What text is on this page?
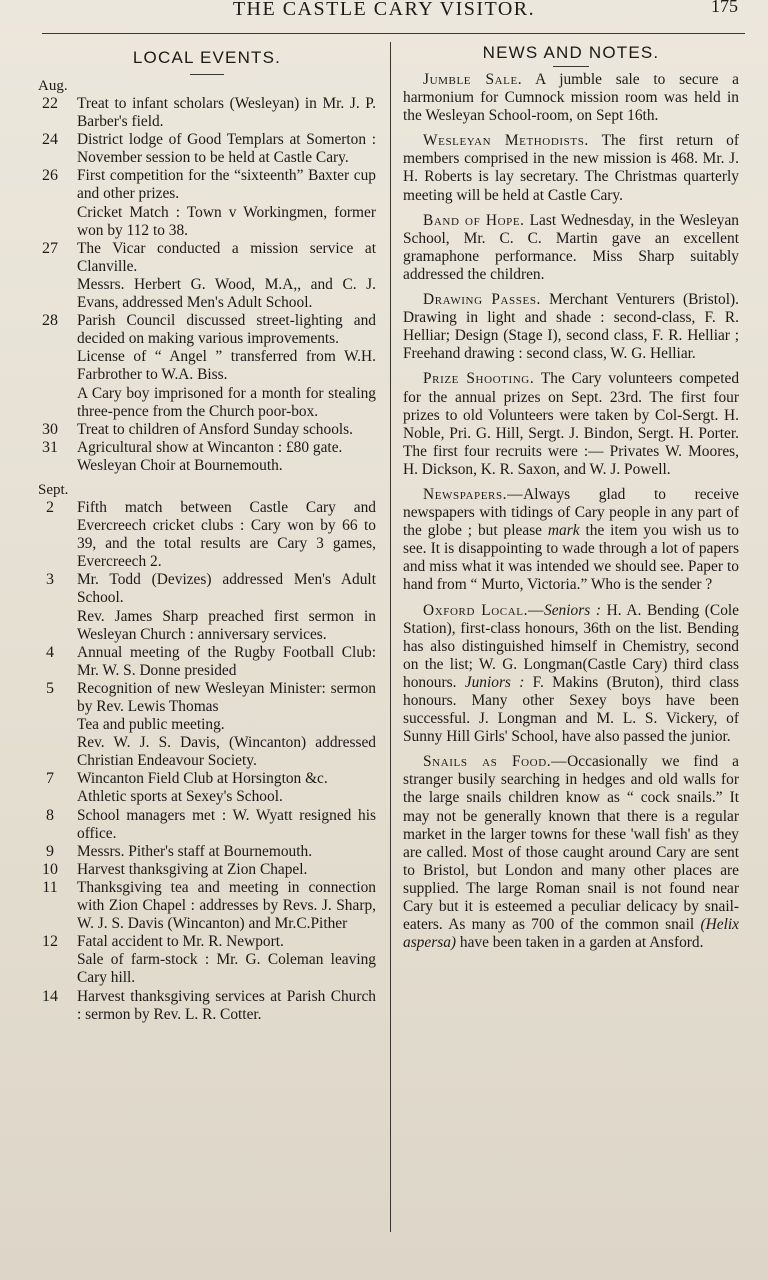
THE CASTLE CARY VISITOR.	175
LOCAL EVENTS.
Aug.
22 Treat to infant scholars (Wesleyan) in Mr. J. P. Barber's field.
24 District lodge of Good Templars at Somerton : November session to be held at Castle Cary.
26 First competition for the “sixteenth” Baxter cup and other prizes.
Cricket Match : Town v Workingmen, former won by 112 to 38.
27 The Vicar conducted a mission service at Clanville.
Messrs. Herbert G. Wood, M.A,, and C. J. Evans, addressed Men's Adult School.
28 Parish Council discussed street-lighting and decided on making various improvements.
License of “ Angel ” transferred from W.H. Farbrother to W.A. Biss.
A Cary boy imprisoned for a month for stealing three-pence from the Church poor-box.
30 Treat to children of Ansford Sunday schools.
31 Agricultural show at Wincanton : £80 gate.
Wesleyan Choir at Bournemouth.
Sept.
2	Fifth match between Castle Cary and Evercreech cricket clubs : Cary won by 66 to 39, and the total results are Cary 3 games, Evercreech 2.
3	Mr. Todd (Devizes) addressed Men's Adult School.
Rev. James Sharp preached first sermon in Wesleyan Church : anniversary services.
4	Annual meeting of the Rugby Football Club: Mr. W. S. Donne presided
5	Recognition of new Wesleyan Minister: sermon by Rev. Lewis Thomas
Tea and public meeting.
Rev. W. J. S. Davis, (Wincanton) addressed Christian Endeavour Society.
7	Wincanton Field Club at Horsington &c.
Athletic sports at Sexey's School.
8	School managers met : W. Wyatt resigned his office.
9	Messrs. Pither's staff at Bournemouth.
10 Harvest thanksgiving at Zion Chapel.
11 Thanksgiving tea and meeting in connection with Zion Chapel : addresses by Revs. J. Sharp, W. J. S. Davis (Wincanton) and Mr.C.Pither
12 Fatal accident to Mr. R. Newport.
Sale of farm-stock : Mr. G. Coleman leaving Cary hill.
14 Harvest thanksgiving services at Parish Church : sermon by Rev. L. R. Cotter.
NEWS AND NOTES.

Jumble Sale. A jumble sale to secure a harmonium for Cumnock mission room was held in the Wesleyan School-room, on Sept 16th.

Wesleyan Methodists. The first return of members comprised in the new mission is 468. Mr. J. H. Roberts is lay secretary. The Christmas quarterly meeting will be held at Castle Cary.

Band of Hope. Last Wednesday, in the Wesleyan School, Mr. C. C. Martin gave an excellent gramaphone performance. Miss Sharp suitably addressed the children.

Drawing Passes. Merchant Venturers (Bristol). Drawing in light and shade : second-class, F. R. Helliar; Design (Stage I), second class, F. R. Helliar ; Freehand drawing : second class, W. G. Helliar.

Prize Shooting. The Cary volunteers competed for the annual prizes on Sept. 23rd. The first four prizes to old Volunteers were taken by Col-Sergt. H. Noble, Pri. G. Hill, Sergt. J. Bindon, Sergt. H. Porter. The first four recruits were :— Privates W. Moores, H. Dickson, K. R. Saxon, and W. J. Powell.

Newspapers.—Always glad to receive newspapers with tidings of Cary people in any part of the globe ; but please mark the item you wish us to see. It is disappointing to wade through a lot of papers and miss what it was intended we should see. Paper to hand from “ Murto, Victoria.” Who is the sender ?

Oxford Local.—Seniors : H. A. Bending (Cole Station), first-class honours, 36th on the list. Bending has also distinguished himself in Chemistry, second on the list; W. G. Longman(Castle Cary) third class honours. Juniors : F. Makins (Bruton), third class honours. Many other Sexey boys have been successful. J. Longman and M. L. S. Vickery, of Sunny Hill Girls' School, have also passed the junior.

Snails as Food.—Occasionally we find a stranger busily searching in hedges and old walls for the large snails children know as “ cock snails.” It may not be generally known that there is a regular market in the larger towns for these 'wall fish' as they are called. Most of those caught around Cary are sent to Bristol, but London and many other places are supplied. The large Roman snail is not found near Cary but it is esteemed a peculiar delicacy by snail-eaters. As many as 700 of the common snail (Helix aspersa) have been taken in a garden at Ansford.
